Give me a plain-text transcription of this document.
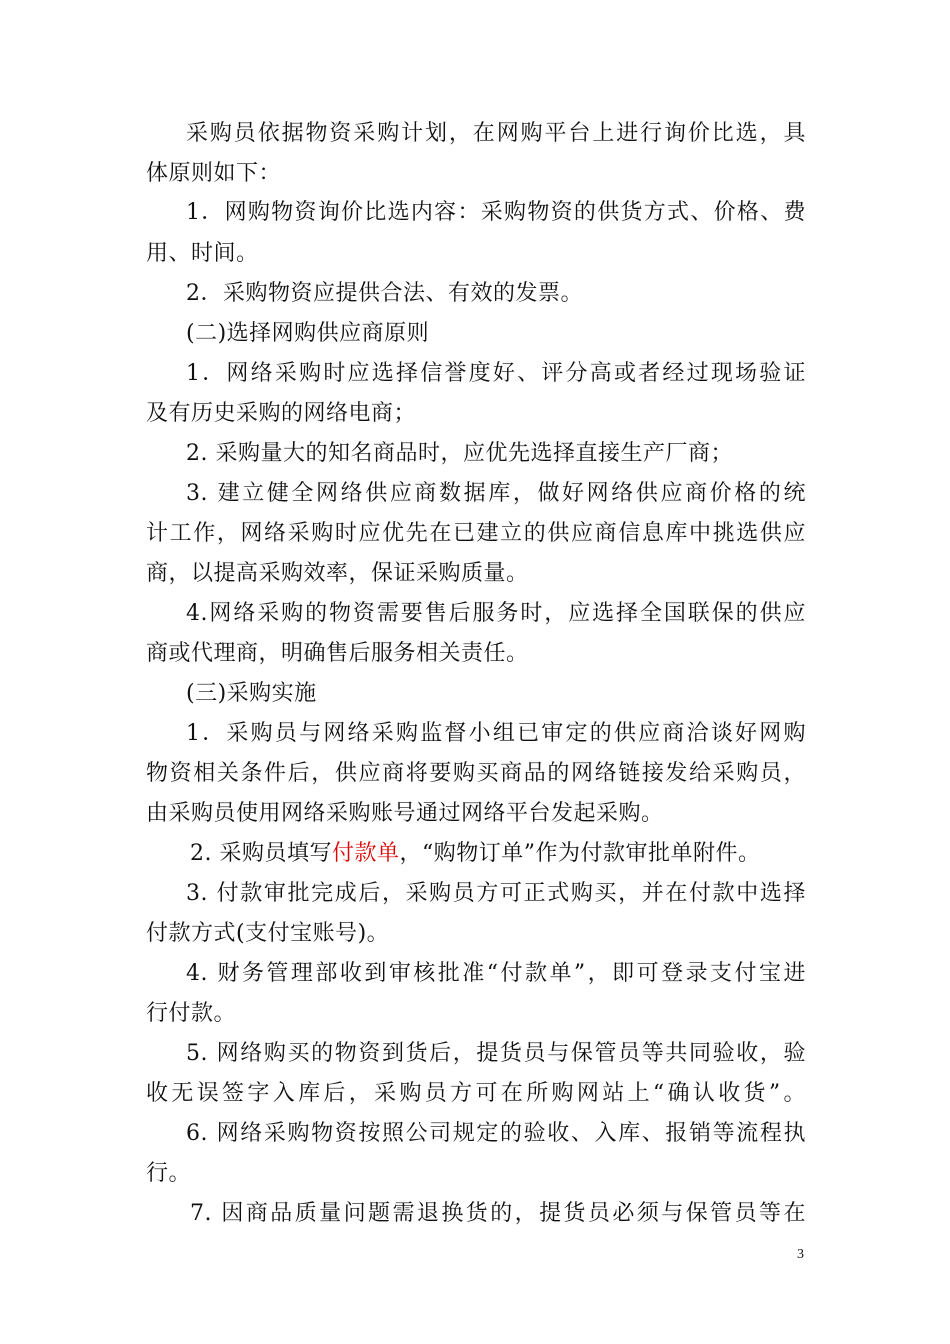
采购员依据物资采购计划，在网购平台上进行询价比选，具
体原则如下：
1．网购物资询价比选内容：采购物资的供货方式、价格、费
用、时间。
2．采购物资应提供合法、有效的发票。
(二)选择网购供应商原则
1．网络采购时应选择信誉度好、评分高或者经过现场验证
及有历史采购的网络电商；
2. 采购量大的知名商品时，应优先选择直接生产厂商；
3. 建立健全网络供应商数据库，做好网络供应商价格的统
计工作，网络采购时应优先在已建立的供应商信息库中挑选供应
商，以提高采购效率，保证采购质量。
4.网络采购的物资需要售后服务时，应选择全国联保的供应
商或代理商，明确售后服务相关责任。
(三)采购实施
1．采购员与网络采购监督小组已审定的供应商洽谈好网购
物资相关条件后，供应商将要购买商品的网络链接发给采购员，
由采购员使用网络采购账号通过网络平台发起采购。
2. 采购员填写付款单，“购物订单”作为付款审批单附件。
3. 付款审批完成后，采购员方可正式购买，并在付款中选择
付款方式(支付宝账号)。
4. 财务管理部收到审核批准“付款单”，即可登录支付宝进
行付款。
5. 网络购买的物资到货后，提货员与保管员等共同验收，验
收无误签字入库后，采购员方可在所购网站上“确认收货”。
6. 网络采购物资按照公司规定的验收、入库、报销等流程执
行。
7. 因商品质量问题需退换货的，提货员必须与保管员等在
3
